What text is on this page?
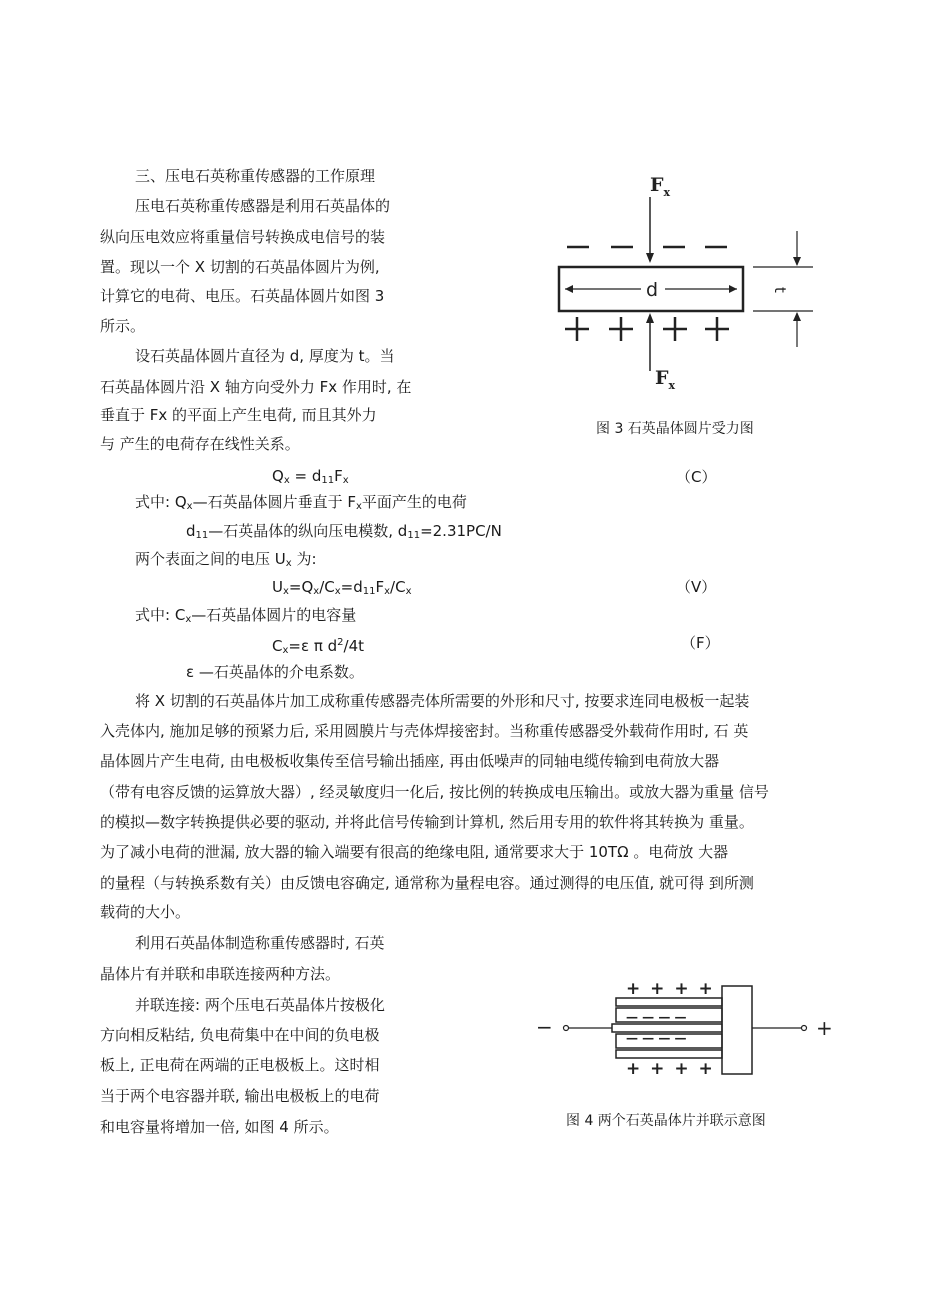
三、压电石英称重传感器的工作原理
压电石英称重传感器是利用石英晶体的
纵向压电效应将重量信号转换成电信号的装
置。现以一个 X 切割的石英晶体圆片为例,
计算它的电荷、电压。石英晶体圆片如图 3
所示。
设石英晶体圆片直径为 d, 厚度为 t。当
石英晶体圆片沿 X 轴方向受外力 Fx 作用时, 在
垂直于 Fx 的平面上产生电荷, 而且其外力
与 产生的电荷存在线性关系。
$F_x$
d	t
$F_x$
图 3 石英晶体圆片受力图
$Q_x = d_{11}F_x$	（C）
式中: $Q_x—$石英晶体圆片垂直于 $F_x$平面产生的电荷
$d_{11}—$石英晶体的纵向压电模数, $d_{11}=2.31PC/N$
两个表面之间的电压 $U_x$ 为:
$U_x=Q_x/C_x=d_{11}F_x/C_x$	（V）
式中: $C_x—$石英晶体圆片的电容量
$C_x=\varepsilon$ π $d^2/4t$	（F）
ε —石英晶体的介电系数。
将 X 切割的石英晶体片加工成称重传感器壳体所需要的外形和尺寸, 按要求连同电极板一起装
入壳体内, 施加足够的预紧力后, 采用圆膜片与壳体焊接密封。当称重传感器受外载荷作用时, 石 英
晶体圆片产生电荷, 由电极板收集传至信号输出插座, 再由低噪声的同轴电缆传输到电荷放大器
（带有电容反馈的运算放大器）, 经灵敏度归一化后, 按比例的转换成电压输出。或放大器为重量 信号
的模拟—数字转换提供必要的驱动, 并将此信号传输到计算机, 然后用专用的软件将其转换为 重量。
为了减小电荷的泄漏, 放大器的输入端要有很高的绝缘电阻, 通常要求大于 10TΩ 。电荷放 大器
的量程（与转换系数有关）由反馈电容确定, 通常称为量程电容。通过测得的电压值, 就可得 到所测
载荷的大小。
利用石英晶体制造称重传感器时, 石英
晶体片有并联和串联连接两种方法。
并联连接: 两个压电石英晶体片按极化
方向相反粘结, 负电荷集中在中间的负电极
板上, 正电荷在两端的正电极板上。这时相
当于两个电容器并联, 输出电极板上的电荷
和电容量将增加一倍, 如图 4 所示。
+ + + +
— — — —
— — — —
+ + + +
−	+
图 4 两个石英晶体片并联示意图
